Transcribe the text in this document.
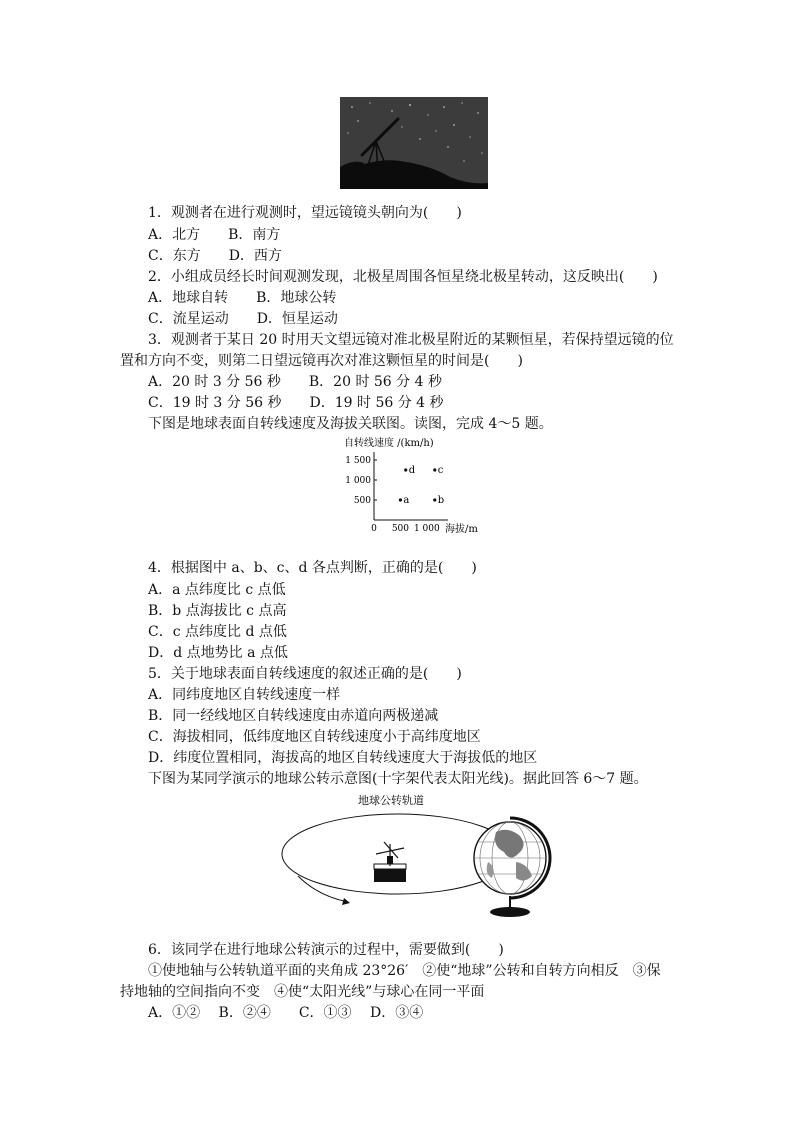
1．观测者在进行观测时，望远镜镜头朝向为(　　)
A．北方　　B．南方
C．东方　　D．西方
2．小组成员经长时间观测发现，北极星周围各恒星绕北极星转动，这反映出(　　)
A．地球自转　　B．地球公转
C．流星运动　　D．恒星运动
3．观测者于某日 20 时用天文望远镜对准北极星附近的某颗恒星，若保持望远镜的位
置和方向不变，则第二日望远镜再次对准这颗恒星的时间是(　　)
A．20 时 3 分 56 秒　　B．20 时 56 分 4 秒
C．19 时 3 分 56 秒　　D．19 时 56 分 4 秒
下图是地球表面自转线速度及海拔关联图。读图，完成 4～5 题。
自转线速度 /(km/h)
1 500
1 000
500
0 500 1 000
a	b
c
d
海拔/m
4．根据图中 a、b、c、d 各点判断，正确的是(　　)
A．a 点纬度比 c 点低
B．b 点海拔比 c 点高
C．c 点纬度比 d 点低
D．d 点地势比 a 点低
5．关于地球表面自转线速度的叙述正确的是(　　)
A．同纬度地区自转线速度一样
B．同一经线地区自转线速度由赤道向两极递减
C．海拔相同，低纬度地区自转线速度小于高纬度地区
D．纬度位置相同，海拔高的地区自转线速度大于海拔低的地区
下图为某同学演示的地球公转示意图(十字架代表太阳光线)。据此回答 6～7 题。
地球公转轨道
6．该同学在进行地球公转演示的过程中，需要做到(　　)
①使地轴与公转轨道平面的夹角成 23°26′　②使“地球”公转和自转方向相反　③保
持地轴的空间指向不变　④使“太阳光线”与球心在同一平面
A．①②　 B．②④　　C．①③　 D．③④
